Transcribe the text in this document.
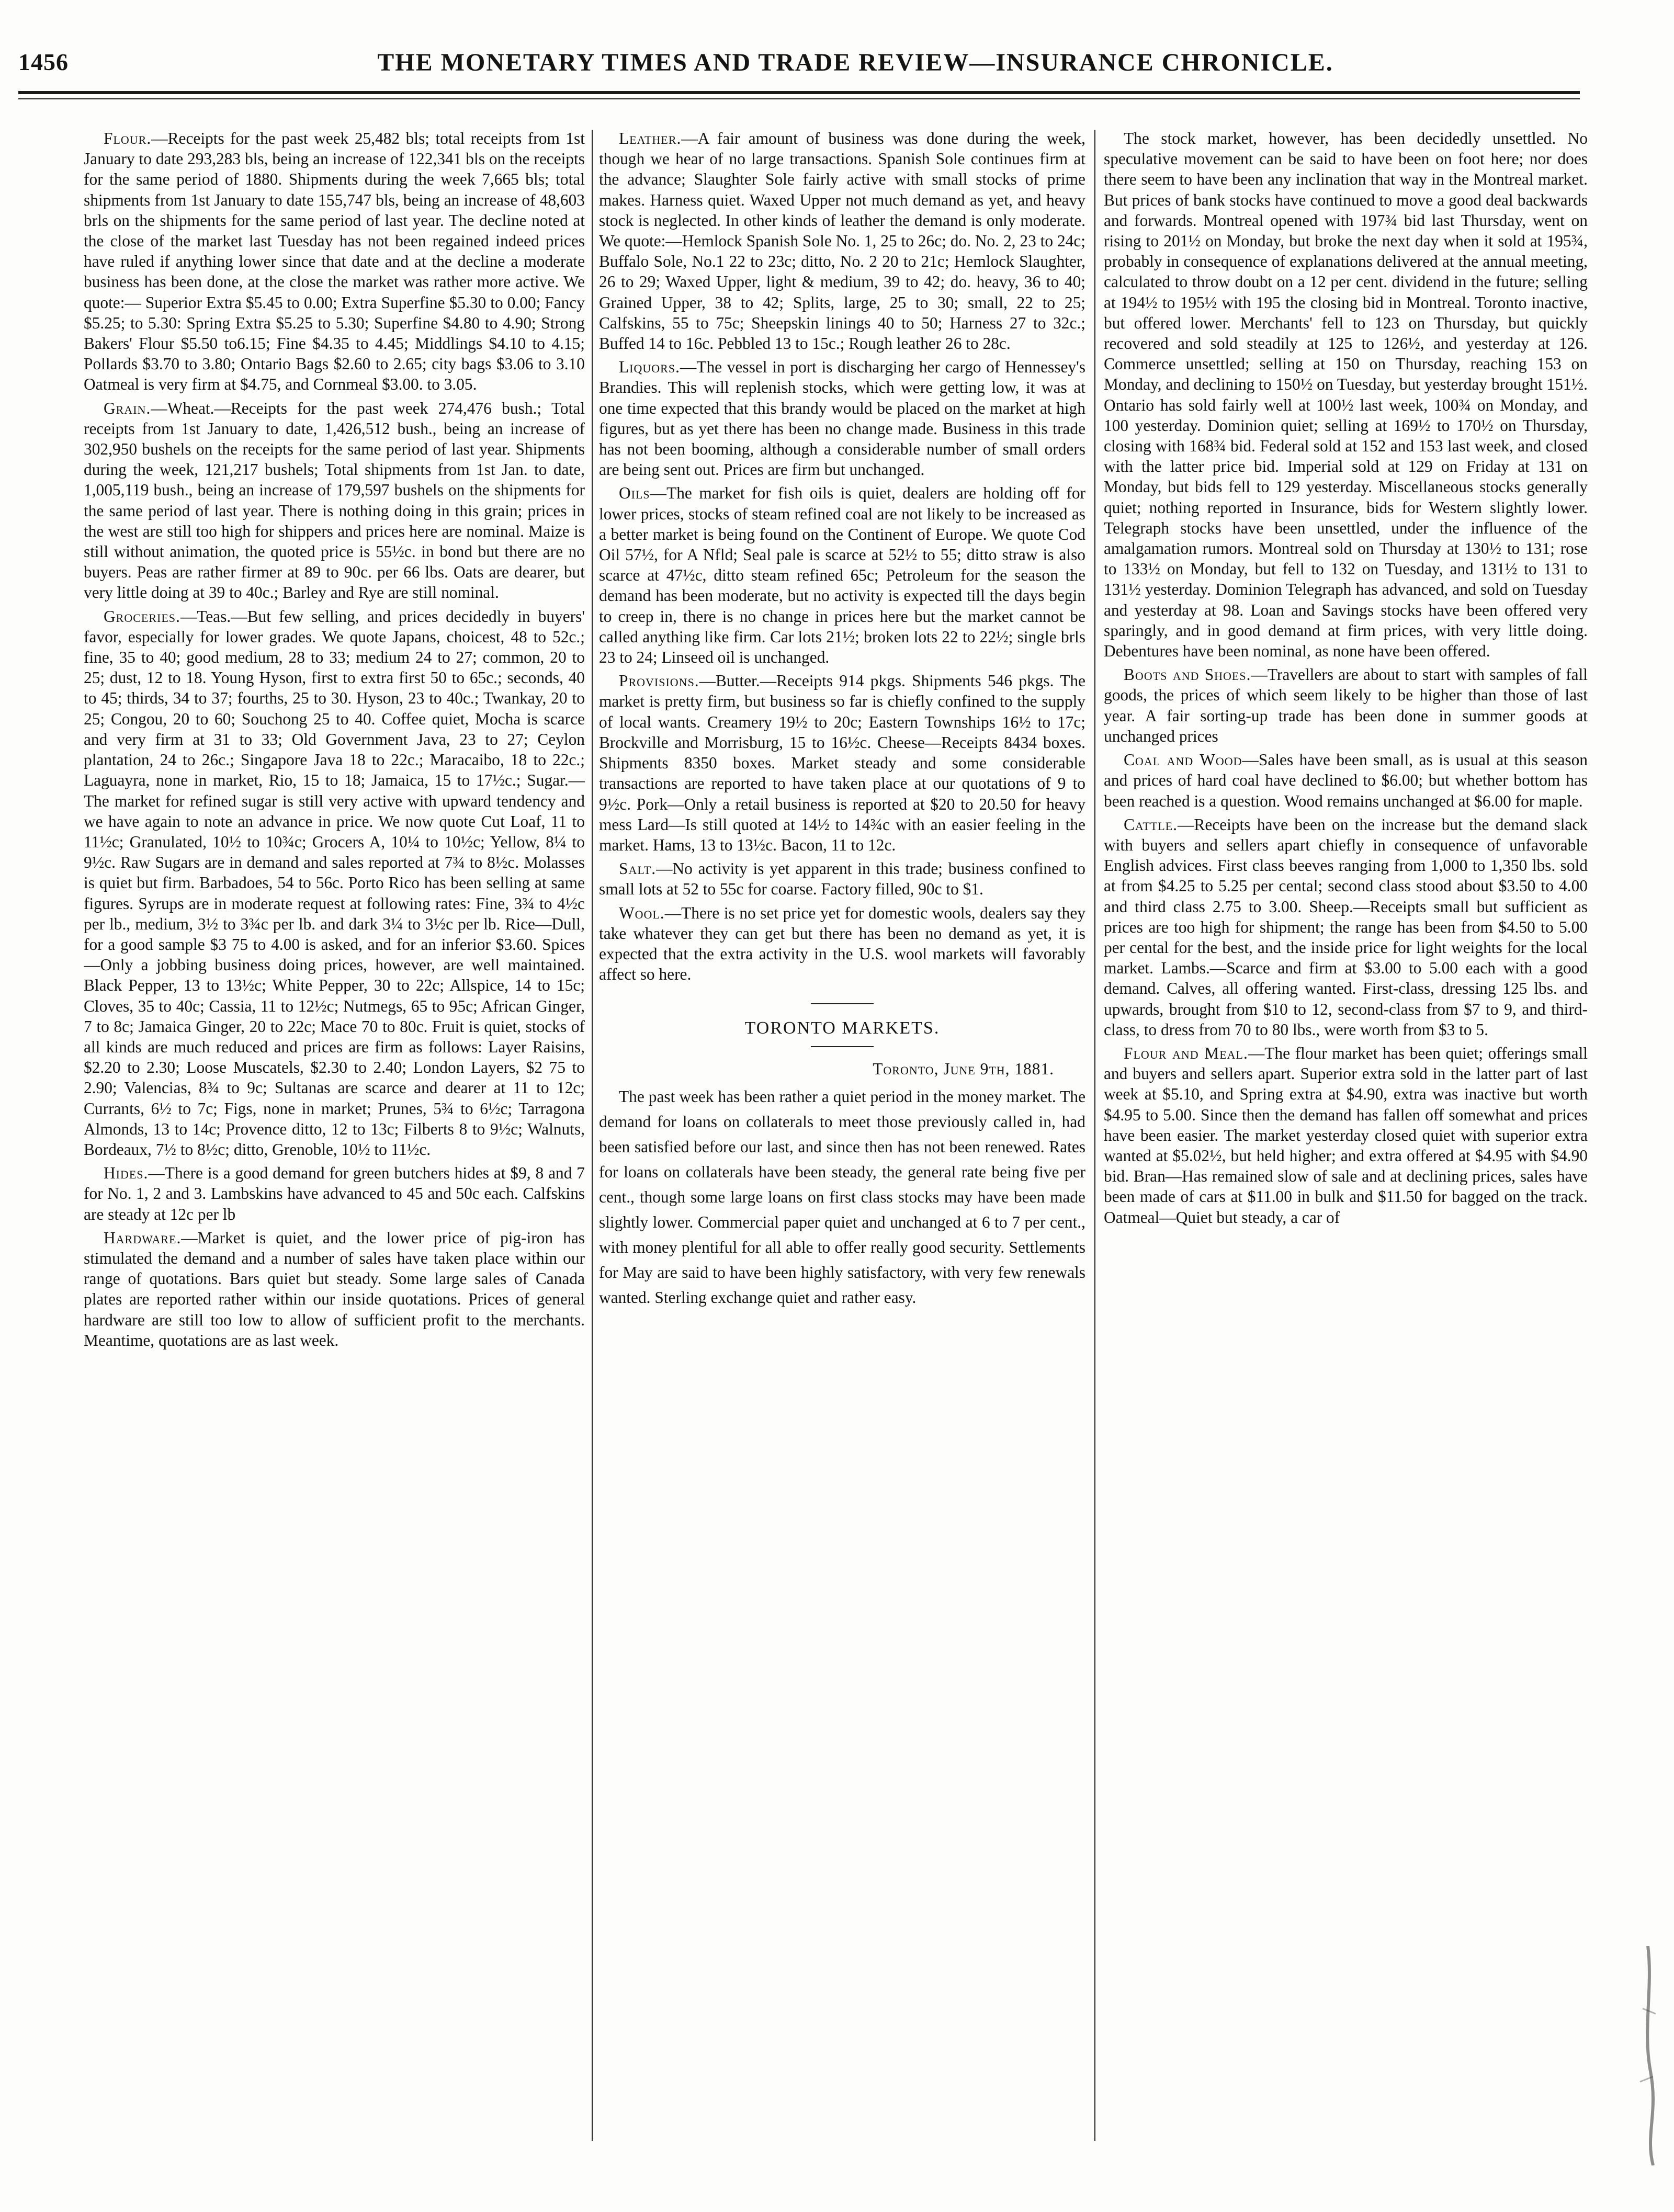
1456	THE MONETARY TIMES AND TRADE REVIEW—INSURANCE CHRONICLE.

Flour.—Receipts for the past week 25,482 bls; total receipts from 1st January to date 293,283 bls, being an increase of 122,341 bls on the receipts for the same period of 1880. Shipments during the week 7,665 bls; total shipments from 1st January to date 155,747 bls, being an increase of 48,603 brls on the shipments for the same period of last year. The decline noted at the close of the market last Tuesday has not been regained indeed prices have ruled if anything lower since that date and at the decline a moderate business has been done, at the close the market was rather more active. We quote:— Superior Extra $5.45 to 0.00; Extra Superfine $5.30 to 0.00; Fancy $5.25; to 5.30: Spring Extra $5.25 to 5.30; Superfine $4.80 to 4.90; Strong Bakers' Flour $5.50 to6.15; Fine $4.35 to 4.45; Middlings $4.10 to 4.15; Pollards $3.70 to 3.80; Ontario Bags $2.60 to 2.65; city bags $3.06 to 3.10 Oatmeal is very firm at $4.75, and Cornmeal $3.00. to 3.05.

Grain.—Wheat.—Receipts for the past week 274,476 bush.; Total receipts from 1st January to date, 1,426,512 bush., being an increase of 302,950 bushels on the receipts for the same period of last year. Shipments during the week, 121,217 bushels; Total shipments from 1st Jan. to date, 1,005,119 bush., being an increase of 179,597 bushels on the shipments for the same period of last year. There is nothing doing in this grain; prices in the west are still too high for shippers and prices here are nominal. Maize is still without animation, the quoted price is 55½c. in bond but there are no buyers. Peas are rather firmer at 89 to 90c. per 66 lbs. Oats are dearer, but very little doing at 39 to 40c.; Barley and Rye are still nominal.

Groceries.—Teas.—But few selling, and prices decidedly in buyers' favor, especially for lower grades. We quote Japans, choicest, 48 to 52c.; fine, 35 to 40; good medium, 28 to 33; medium 24 to 27; common, 20 to 25; dust, 12 to 18. Young Hyson, first to extra first 50 to 65c.; seconds, 40 to 45; thirds, 34 to 37; fourths, 25 to 30. Hyson, 23 to 40c.; Twankay, 20 to 25; Congou, 20 to 60; Souchong 25 to 40. Coffee quiet, Mocha is scarce and very firm at 31 to 33; Old Government Java, 23 to 27; Ceylon plantation, 24 to 26c.; Singapore Java 18 to 22c.; Maracaibo, 18 to 22c.; Laguayra, none in market, Rio, 15 to 18; Jamaica, 15 to 17½c.; Sugar.—The market for refined sugar is still very active with upward tendency and we have again to note an advance in price. We now quote Cut Loaf, 11 to 11½c; Granulated, 10½ to 10¾c; Grocers A, 10¼ to 10½c; Yellow, 8¼ to 9½c. Raw Sugars are in demand and sales reported at 7¾ to 8½c. Molasses is quiet but firm. Barbadoes, 54 to 56c. Porto Rico has been selling at same figures. Syrups are in moderate request at following rates: Fine, 3¾ to 4½c per lb., medium, 3½ to 3¾c per lb. and dark 3¼ to 3½c per lb. Rice—Dull, for a good sample $3 75 to 4.00 is asked, and for an inferior $3.60. Spices—Only a jobbing business doing prices, however, are well maintained. Black Pepper, 13 to 13½c; White Pepper, 30 to 22c; Allspice, 14 to 15c; Cloves, 35 to 40c; Cassia, 11 to 12½c; Nutmegs, 65 to 95c; African Ginger, 7 to 8c; Jamaica Ginger, 20 to 22c; Mace 70 to 80c. Fruit is quiet, stocks of all kinds are much reduced and prices are firm as follows: Layer Raisins, $2.20 to 2.30; Loose Muscatels, $2.30 to 2.40; London Layers, $2 75 to 2.90; Valencias, 8¾ to 9c; Sultanas are scarce and dearer at 11 to 12c; Currants, 6½ to 7c; Figs, none in market; Prunes, 5¾ to 6½c; Tarragona Almonds, 13 to 14c; Provence ditto, 12 to 13c; Filberts 8 to 9½c; Walnuts, Bordeaux, 7½ to 8½c; ditto, Grenoble, 10½ to 11½c.

Hides.—There is a good demand for green butchers hides at $9, 8 and 7 for No. 1, 2 and 3. Lambskins have advanced to 45 and 50c each. Calfskins are steady at 12c per lb

Hardware.—Market is quiet, and the lower price of pig-iron has stimulated the demand and a number of sales have taken place within our range of quotations. Bars quiet but steady. Some large sales of Canada plates are reported rather within our inside quotations. Prices of general hardware are still too low to allow of sufficient profit to the merchants. Meantime, quotations are as last week.

Leather.—A fair amount of business was done during the week, though we hear of no large transactions. Spanish Sole continues firm at the advance; Slaughter Sole fairly active with small stocks of prime makes. Harness quiet. Waxed Upper not much demand as yet, and heavy stock is neglected. In other kinds of leather the demand is only moderate. We quote:—Hemlock Spanish Sole No. 1, 25 to 26c; do. No. 2, 23 to 24c; Buffalo Sole, No.1 22 to 23c; ditto, No. 2 20 to 21c; Hemlock Slaughter, 26 to 29; Waxed Upper, light & medium, 39 to 42; do. heavy, 36 to 40; Grained Upper, 38 to 42; Splits, large, 25 to 30; small, 22 to 25; Calfskins, 55 to 75c; Sheepskin linings 40 to 50; Harness 27 to 32c.; Buffed 14 to 16c. Pebbled 13 to 15c.; Rough leather 26 to 28c.

Liquors.—The vessel in port is discharging her cargo of Hennessey's Brandies. This will replenish stocks, which were getting low, it was at one time expected that this brandy would be placed on the market at high figures, but as yet there has been no change made. Business in this trade has not been booming, although a considerable number of small orders are being sent out. Prices are firm but unchanged.

Oils—The market for fish oils is quiet, dealers are holding off for lower prices, stocks of steam refined coal are not likely to be increased as a better market is being found on the Continent of Europe. We quote Cod Oil 57½, for A Nfld; Seal pale is scarce at 52½ to 55; ditto straw is also scarce at 47½c, ditto steam refined 65c; Petroleum for the season the demand has been moderate, but no activity is expected till the days begin to creep in, there is no change in prices here but the market cannot be called anything like firm. Car lots 21½; broken lots 22 to 22½; single brls 23 to 24; Linseed oil is unchanged.

Provisions.—Butter.—Receipts 914 pkgs. Shipments 546 pkgs. The market is pretty firm, but business so far is chiefly confined to the supply of local wants. Creamery 19½ to 20c; Eastern Townships 16½ to 17c; Brockville and Morrisburg, 15 to 16½c. Cheese—Receipts 8434 boxes. Shipments 8350 boxes. Market steady and some considerable transactions are reported to have taken place at our quotations of 9 to 9½c. Pork—Only a retail business is reported at $20 to 20.50 for heavy mess Lard—Is still quoted at 14½ to 14¾c with an easier feeling in the market. Hams, 13 to 13½c. Bacon, 11 to 12c.

Salt.—No activity is yet apparent in this trade; business confined to small lots at 52 to 55c for coarse. Factory filled, 90c to $1.

Wool.—There is no set price yet for domestic wools, dealers say they take whatever they can get but there has been no demand as yet, it is expected that the extra activity in the U.S. wool markets will favorably affect so here.

TORONTO MARKETS.

Toronto, June 9th, 1881.

The past week has been rather a quiet period in the money market. The demand for loans on collaterals to meet those previously called in, had been satisfied before our last, and since then has not been renewed. Rates for loans on collaterals have been steady, the general rate being five per cent., though some large loans on first class stocks may have been made slightly lower. Commercial paper quiet and unchanged at 6 to 7 per cent., with money plentiful for all able to offer really good security. Settlements for May are said to have been highly satisfactory, with very few renewals wanted. Sterling exchange quiet and rather easy.

The stock market, however, has been decidedly unsettled. No speculative movement can be said to have been on foot here; nor does there seem to have been any inclination that way in the Montreal market. But prices of bank stocks have continued to move a good deal backwards and forwards. Montreal opened with 197¾ bid last Thursday, went on rising to 201½ on Monday, but broke the next day when it sold at 195¾, probably in consequence of explanations delivered at the annual meeting, calculated to throw doubt on a 12 per cent. dividend in the future; selling at 194½ to 195½ with 195 the closing bid in Montreal. Toronto inactive, but offered lower. Merchants' fell to 123 on Thursday, but quickly recovered and sold steadily at 125 to 126½, and yesterday at 126. Commerce unsettled; selling at 150 on Thursday, reaching 153 on Monday, and declining to 150½ on Tuesday, but yesterday brought 151½. Ontario has sold fairly well at 100½ last week, 100¾ on Monday, and 100 yesterday. Dominion quiet; selling at 169½ to 170½ on Thursday, closing with 168¾ bid. Federal sold at 152 and 153 last week, and closed with the latter price bid. Imperial sold at 129 on Friday at 131 on Monday, but bids fell to 129 yesterday. Miscellaneous stocks generally quiet; nothing reported in Insurance, bids for Western slightly lower. Telegraph stocks have been unsettled, under the influence of the amalgamation rumors. Montreal sold on Thursday at 130½ to 131; rose to 133½ on Monday, but fell to 132 on Tuesday, and 131½ to 131 to 131½ yesterday. Dominion Telegraph has advanced, and sold on Tuesday and yesterday at 98. Loan and Savings stocks have been offered very sparingly, and in good demand at firm prices, with very little doing. Debentures have been nominal, as none have been offered.

Boots and Shoes.—Travellers are about to start with samples of fall goods, the prices of which seem likely to be higher than those of last year. A fair sorting-up trade has been done in summer goods at unchanged prices

Coal and Wood—Sales have been small, as is usual at this season and prices of hard coal have declined to $6.00; but whether bottom has been reached is a question. Wood remains unchanged at $6.00 for maple.

Cattle.—Receipts have been on the increase but the demand slack with buyers and sellers apart chiefly in consequence of unfavorable English advices. First class beeves ranging from 1,000 to 1,350 lbs. sold at from $4.25 to 5.25 per cental; second class stood about $3.50 to 4.00 and third class 2.75 to 3.00. Sheep.—Receipts small but sufficient as prices are too high for shipment; the range has been from $4.50 to 5.00 per cental for the best, and the inside price for light weights for the local market. Lambs.—Scarce and firm at $3.00 to 5.00 each with a good demand. Calves, all offering wanted. First-class, dressing 125 lbs. and upwards, brought from $10 to 12, second-class from $7 to 9, and third-class, to dress from 70 to 80 lbs., were worth from $3 to 5.

Flour and Meal.—The flour market has been quiet; offerings small and buyers and sellers apart. Superior extra sold in the latter part of last week at $5.10, and Spring extra at $4.90, extra was inactive but worth $4.95 to 5.00. Since then the demand has fallen off somewhat and prices have been easier. The market yesterday closed quiet with superior extra wanted at $5.02½, but held higher; and extra offered at $4.95 with $4.90 bid. Bran—Has remained slow of sale and at declining prices, sales have been made of cars at $11.00 in bulk and $11.50 for bagged on the track. Oatmeal—Quiet but steady, a car of
